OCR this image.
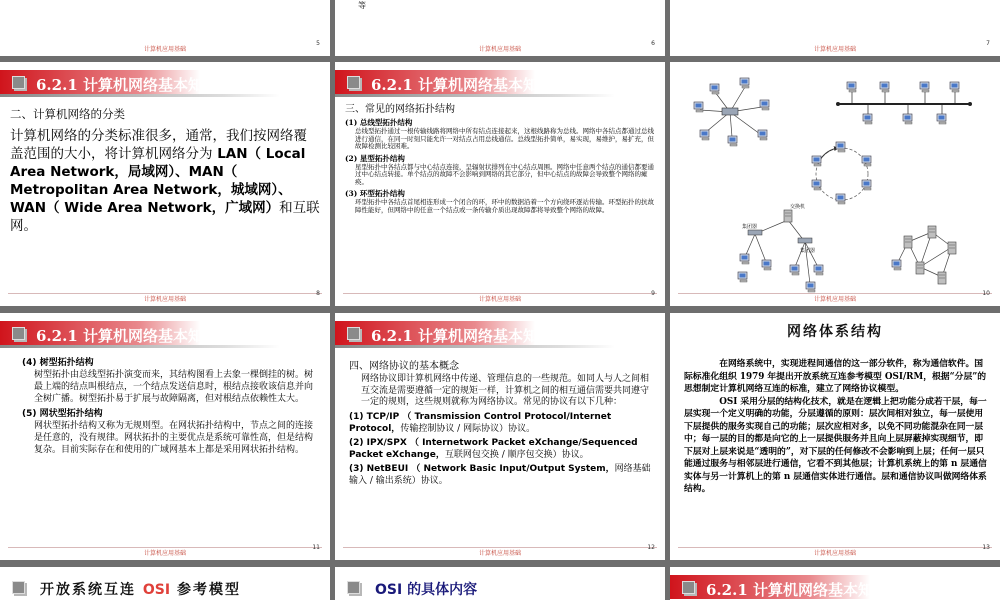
计算机应用基础
5
等
计算机应用基础
6
计算机应用基础
7
6.2.1 计算机网络基本知识
二、计算机网络的分类
计算机网络的分类标准很多，通常，我们按网络覆盖范围的大小，将计算机网络分为 LAN（ Local Area Network，局域网）、MAN（ Metropolitan Area Network，城域网）、WAN（ Wide Area Network，广域网）和互联网。
计算机应用基础
8
6.2.1 计算机网络基本知识
三、常见的网络拓扑结构
(1) 总线型拓扑结构
总线型拓扑通过一根传输线路将网络中所有结点连接起来，这根线路称为总线。网络中各结点都通过总线进行通信，在同一时刻只能允许一对结点占用总线通信。总线型拓扑简单，易实现，易维护，易扩充，但故障检测比较困难。
(2) 星型拓扑结构
星型拓扑中各结点都与中心结点连接，呈辐射状排列在中心结点周围。网络中任意两个结点的通信都要通过中心结点转接。单个结点的故障不会影响到网络的其它部分，但中心结点的故障会导致整个网络的瘫痪。
(3) 环型拓扑结构
环型拓扑中各结点首尾相连形成一个闭合的环，环中的数据沿着一个方向绕环逐站传输。环型拓扑的抗故障性能好，但网络中的任意一个结点或一条传输介质出现故障都将导致整个网络的故障。
计算机应用基础
9
交换机
集团器
集团器
计算机应用基础
10
6.2.1 计算机网络基本知识
(4) 树型拓扑结构
树型拓扑由总线型拓扑演变而来，其结构图看上去象一棵倒挂的树。树最上端的结点叫根结点，一个结点发送信息时，根结点接收该信息并向全树广播。树型拓扑易于扩展与故障隔离，但对根结点依赖性太大。
(5) 网状型拓扑结构
网状型拓扑结构又称为无规则型。在网状拓扑结构中，节点之间的连接是任意的，没有规律。网状拓扑的主要优点是系统可靠性高，但是结构复杂。目前实际存在和使用的广域网基本上都是采用网状拓扑结构。
计算机应用基础
11
6.2.1 计算机网络基本知识
四、网络协议的基本概念
网络协议即计算机网络中传递、管理信息的一些规范。如同人与人之间相互交流是需要遵循一定的规矩一样，计算机之间的相互通信需要共同遵守一定的规则，这些规则就称为网络协议。常见的协议有以下几种：
(1) TCP/IP （ Transmission Control Protocol/Internet Protocol，传输控制协议 / 网际协议）协议。
(2) IPX/SPX （ Internetwork Packet eXchange/Sequenced Packet eXchange，互联网包交换 / 顺序包交换）协议。
(3) NetBEUI （ Network Basic Input/Output System，网络基础输入 / 输出系统）协议。
计算机应用基础
12
网络体系结构
在网络系统中，实现进程间通信的这一部分软件，称为通信软件。国际标准化组织 1979 年提出开放系统互连参考模型 OSI/RM，根据“分层”的思想制定计算机网络互连的标准，建立了网络协议模型。
OSI 采用分层的结构化技术，就是在逻辑上把功能分成若干层，每一层实现一个定义明确的功能，分层遵循的原则：层次间相对独立，每一层使用下层提供的服务实现自己的功能；层次应相对多，以免不同功能混杂在同一层中；每一层的目的都是向它的上一层提供服务并且向上层屏蔽掉实现细节，即下层对上层来说是“透明的”，对下层的任何修改不会影响到上层；任何一层只能通过服务与相邻层进行通信，它看不到其他层；计算机系统上的第 n 层通信实体与另一计算机上的第 n 层通信实体进行通信。层和通信协议叫做网络体系结构。
计算机应用基础
13
开放系统互连 OSI 参考模型	OSI 的具体内容	6.2.1 计算机网络基本知识
